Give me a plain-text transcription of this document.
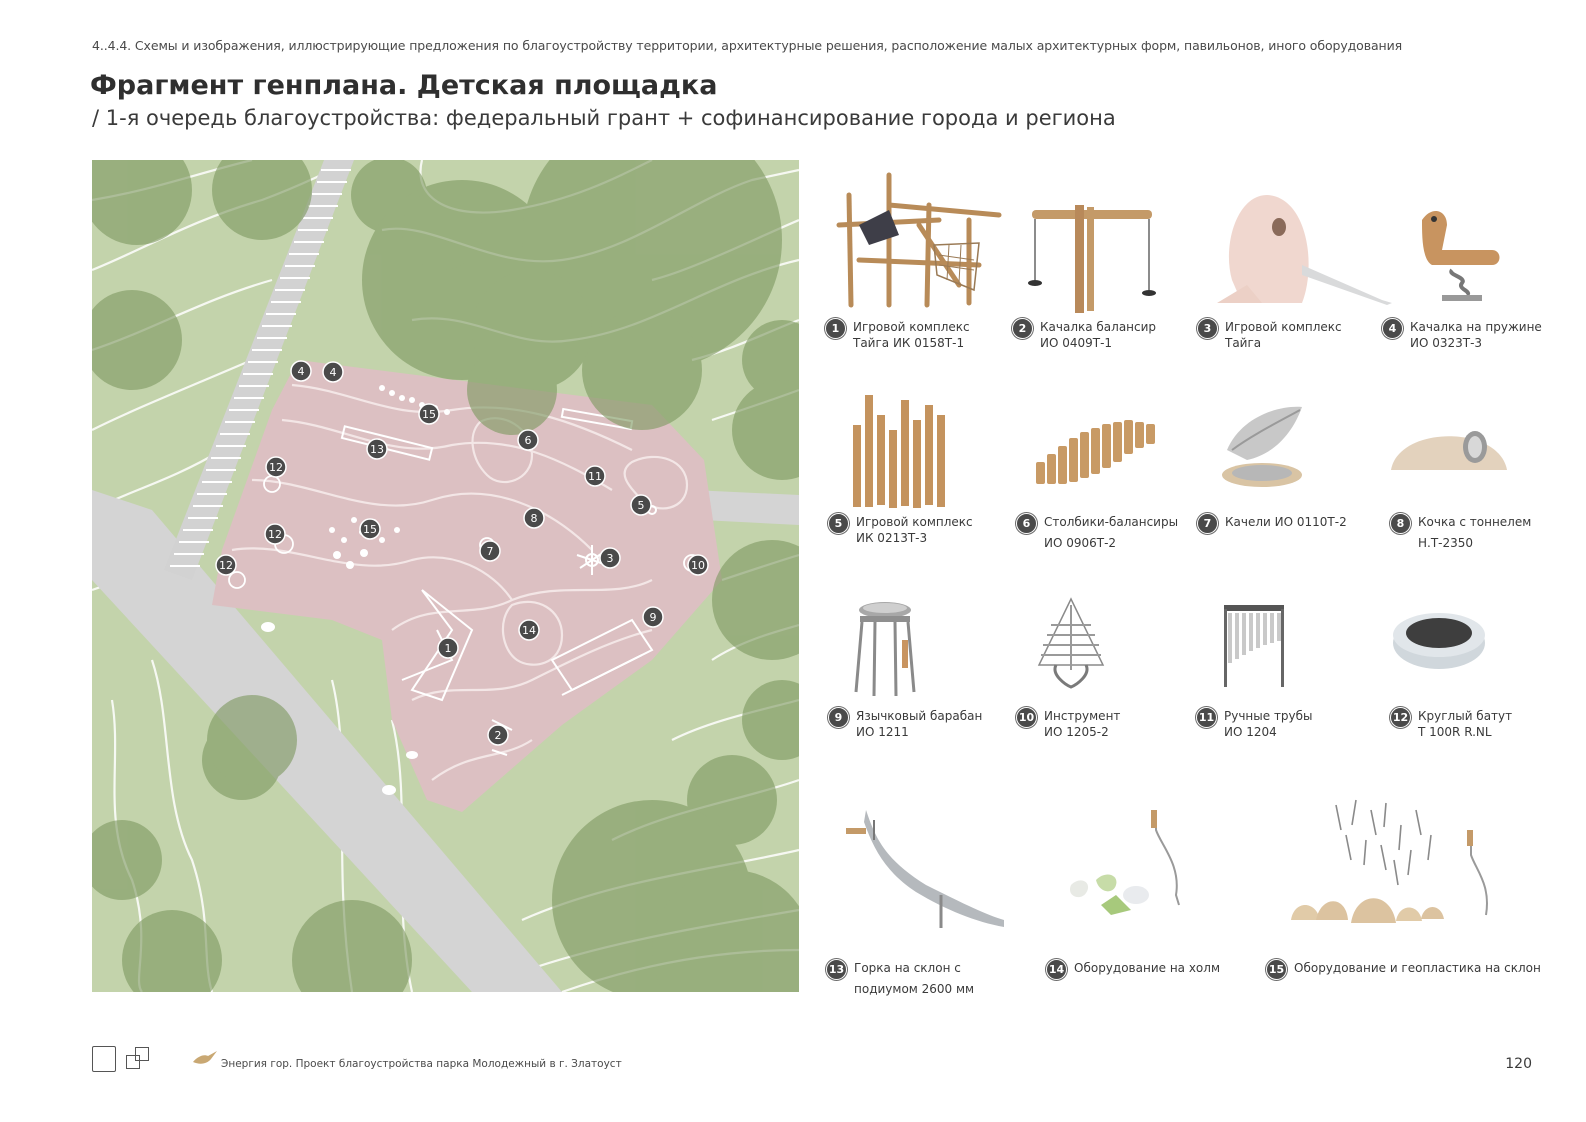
4..4.4. Схемы и изображения, иллюстрирующие предложения по благоустройству территории, архитектурные решения, расположение малых архитектурных форм, павильонов, иного оборудования
Фрагмент генплана. Детская площадка
/ 1-я очередь благоустройства: федеральный грант + софинансирование города и региона
4 4
15
13
6
11
12
12	15
8
5
7
3
12	10
9
14
1
2
1	Игровой комплекс
Тайга ИК 0158Т-1
2	Качалка балансир
ИО 0409Т-1
3	Игровой комплекс
Тайга
4	Качалка на пружине
ИО 0323Т-3
5	Игровой комплекс
ИК 0213Т-3
6	Столбики-балансиры
ИО 0906Т-2
7	Качели ИО 0110Т-2	8	Кочка с тоннелем
Н.Т-2350
9	Язычковый барабан
ИО 1211
10 Инструмент
ИО 1205-2
11 Ручные трубы
ИО 1204
12 Круглый батут
Т 100R R.NL
13 Горка на склон с
подиумом 2600 мм
14 Оборудование на холм	15 Оборудование и геопластика на склон
Энергия гор. Проект благоустройства парка Молодежный в г. Златоуст	120
